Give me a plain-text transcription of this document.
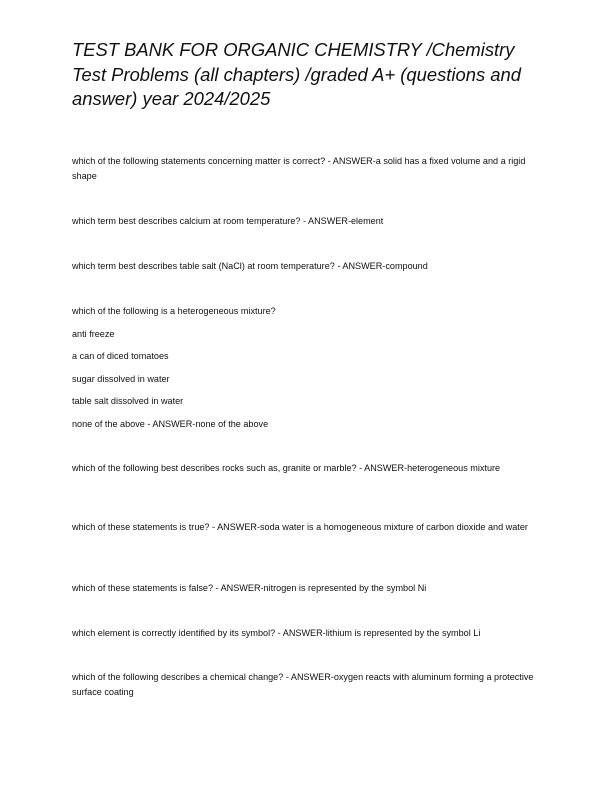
TEST BANK FOR ORGANIC CHEMISTRY /Chemistry Test Problems (all chapters) /graded A+ (questions and answer) year 2024/2025

which of the following statements concerning matter is correct? - ANSWER-a solid has a fixed volume and a rigid shape

which term best describes calcium at room temperature? - ANSWER-element

which term best describes table salt (NaCl) at room temperature? - ANSWER-compound

which of the following is a heterogeneous mixture?

anti freeze

a can of diced tomatoes

sugar dissolved in water

table salt dissolved in water

none of the above - ANSWER-none of the above

which of the following best describes rocks such as, granite or marble? - ANSWER-heterogeneous mixture

which of these statements is true? - ANSWER-soda water is a homogeneous mixture of carbon dioxide and water

which of these statements is false? - ANSWER-nitrogen is represented by the symbol Ni

which element is correctly identified by its symbol? - ANSWER-lithium is represented by the symbol Li

which of the following describes a chemical change? - ANSWER-oxygen reacts with aluminum forming a protective surface coating
